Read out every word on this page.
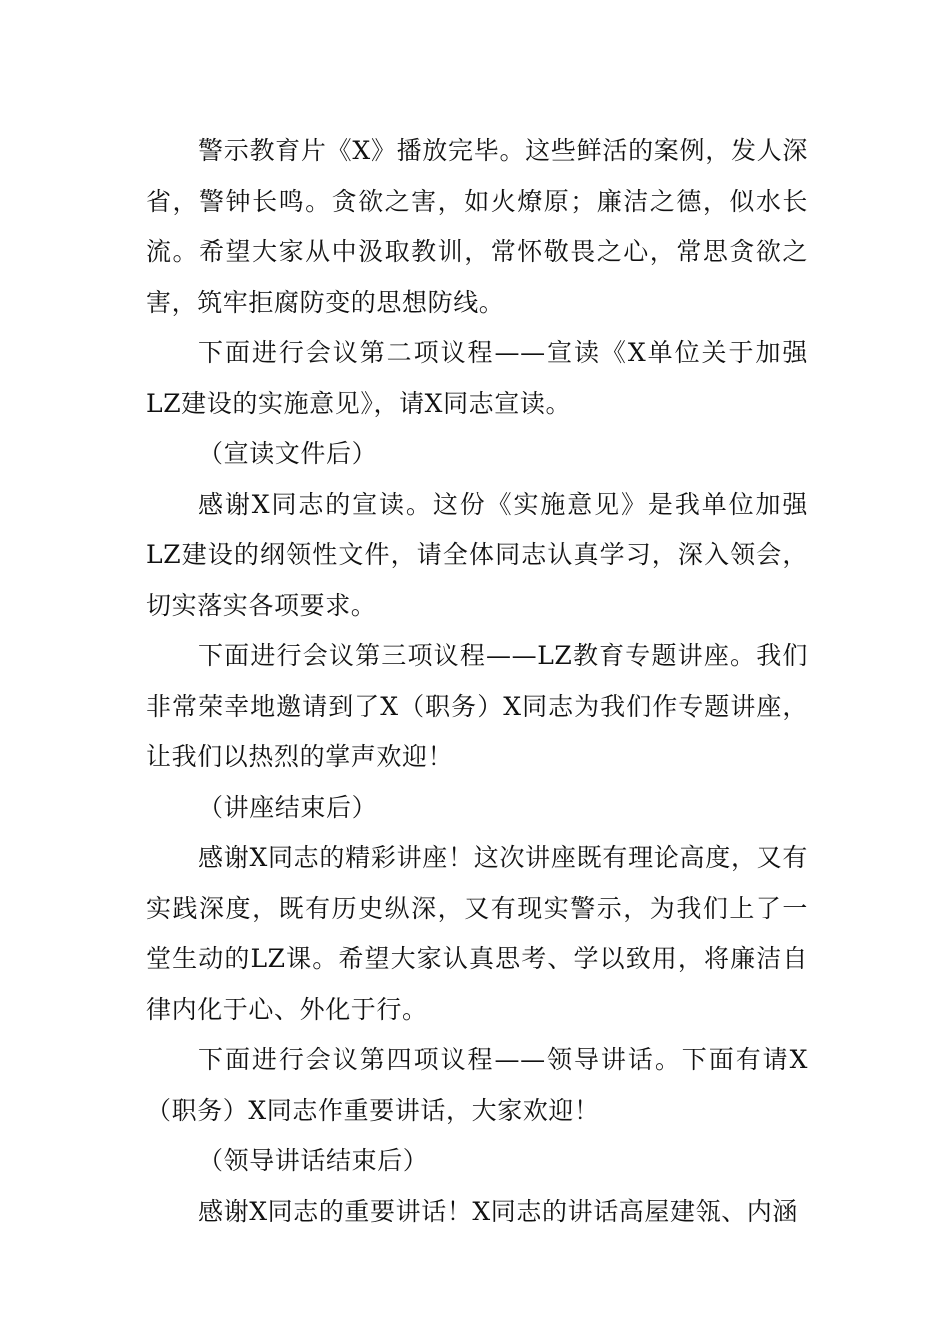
警示教育片《X》播放完毕。这些鲜活的案例，发人深省，警钟长鸣。贪欲之害，如火燎原；廉洁之德，似水长流。希望大家从中汲取教训，常怀敬畏之心，常思贪欲之害，筑牢拒腐防变的思想防线。

下面进行会议第二项议程——宣读《X单位关于加强LZ建设的实施意见》，请X同志宣读。

（宣读文件后）

感谢X同志的宣读。这份《实施意见》是我单位加强LZ建设的纲领性文件，请全体同志认真学习，深入领会，切实落实各项要求。

下面进行会议第三项议程——LZ教育专题讲座。我们非常荣幸地邀请到了X（职务）X同志为我们作专题讲座，让我们以热烈的掌声欢迎！

（讲座结束后）

感谢X同志的精彩讲座！这次讲座既有理论高度，又有实践深度，既有历史纵深，又有现实警示，为我们上了一堂生动的LZ课。希望大家认真思考、学以致用，将廉洁自律内化于心、外化于行。

下面进行会议第四项议程——领导讲话。下面有请X（职务）X同志作重要讲话，大家欢迎！

（领导讲话结束后）

感谢X同志的重要讲话！X同志的讲话高屋建瓴、内涵
